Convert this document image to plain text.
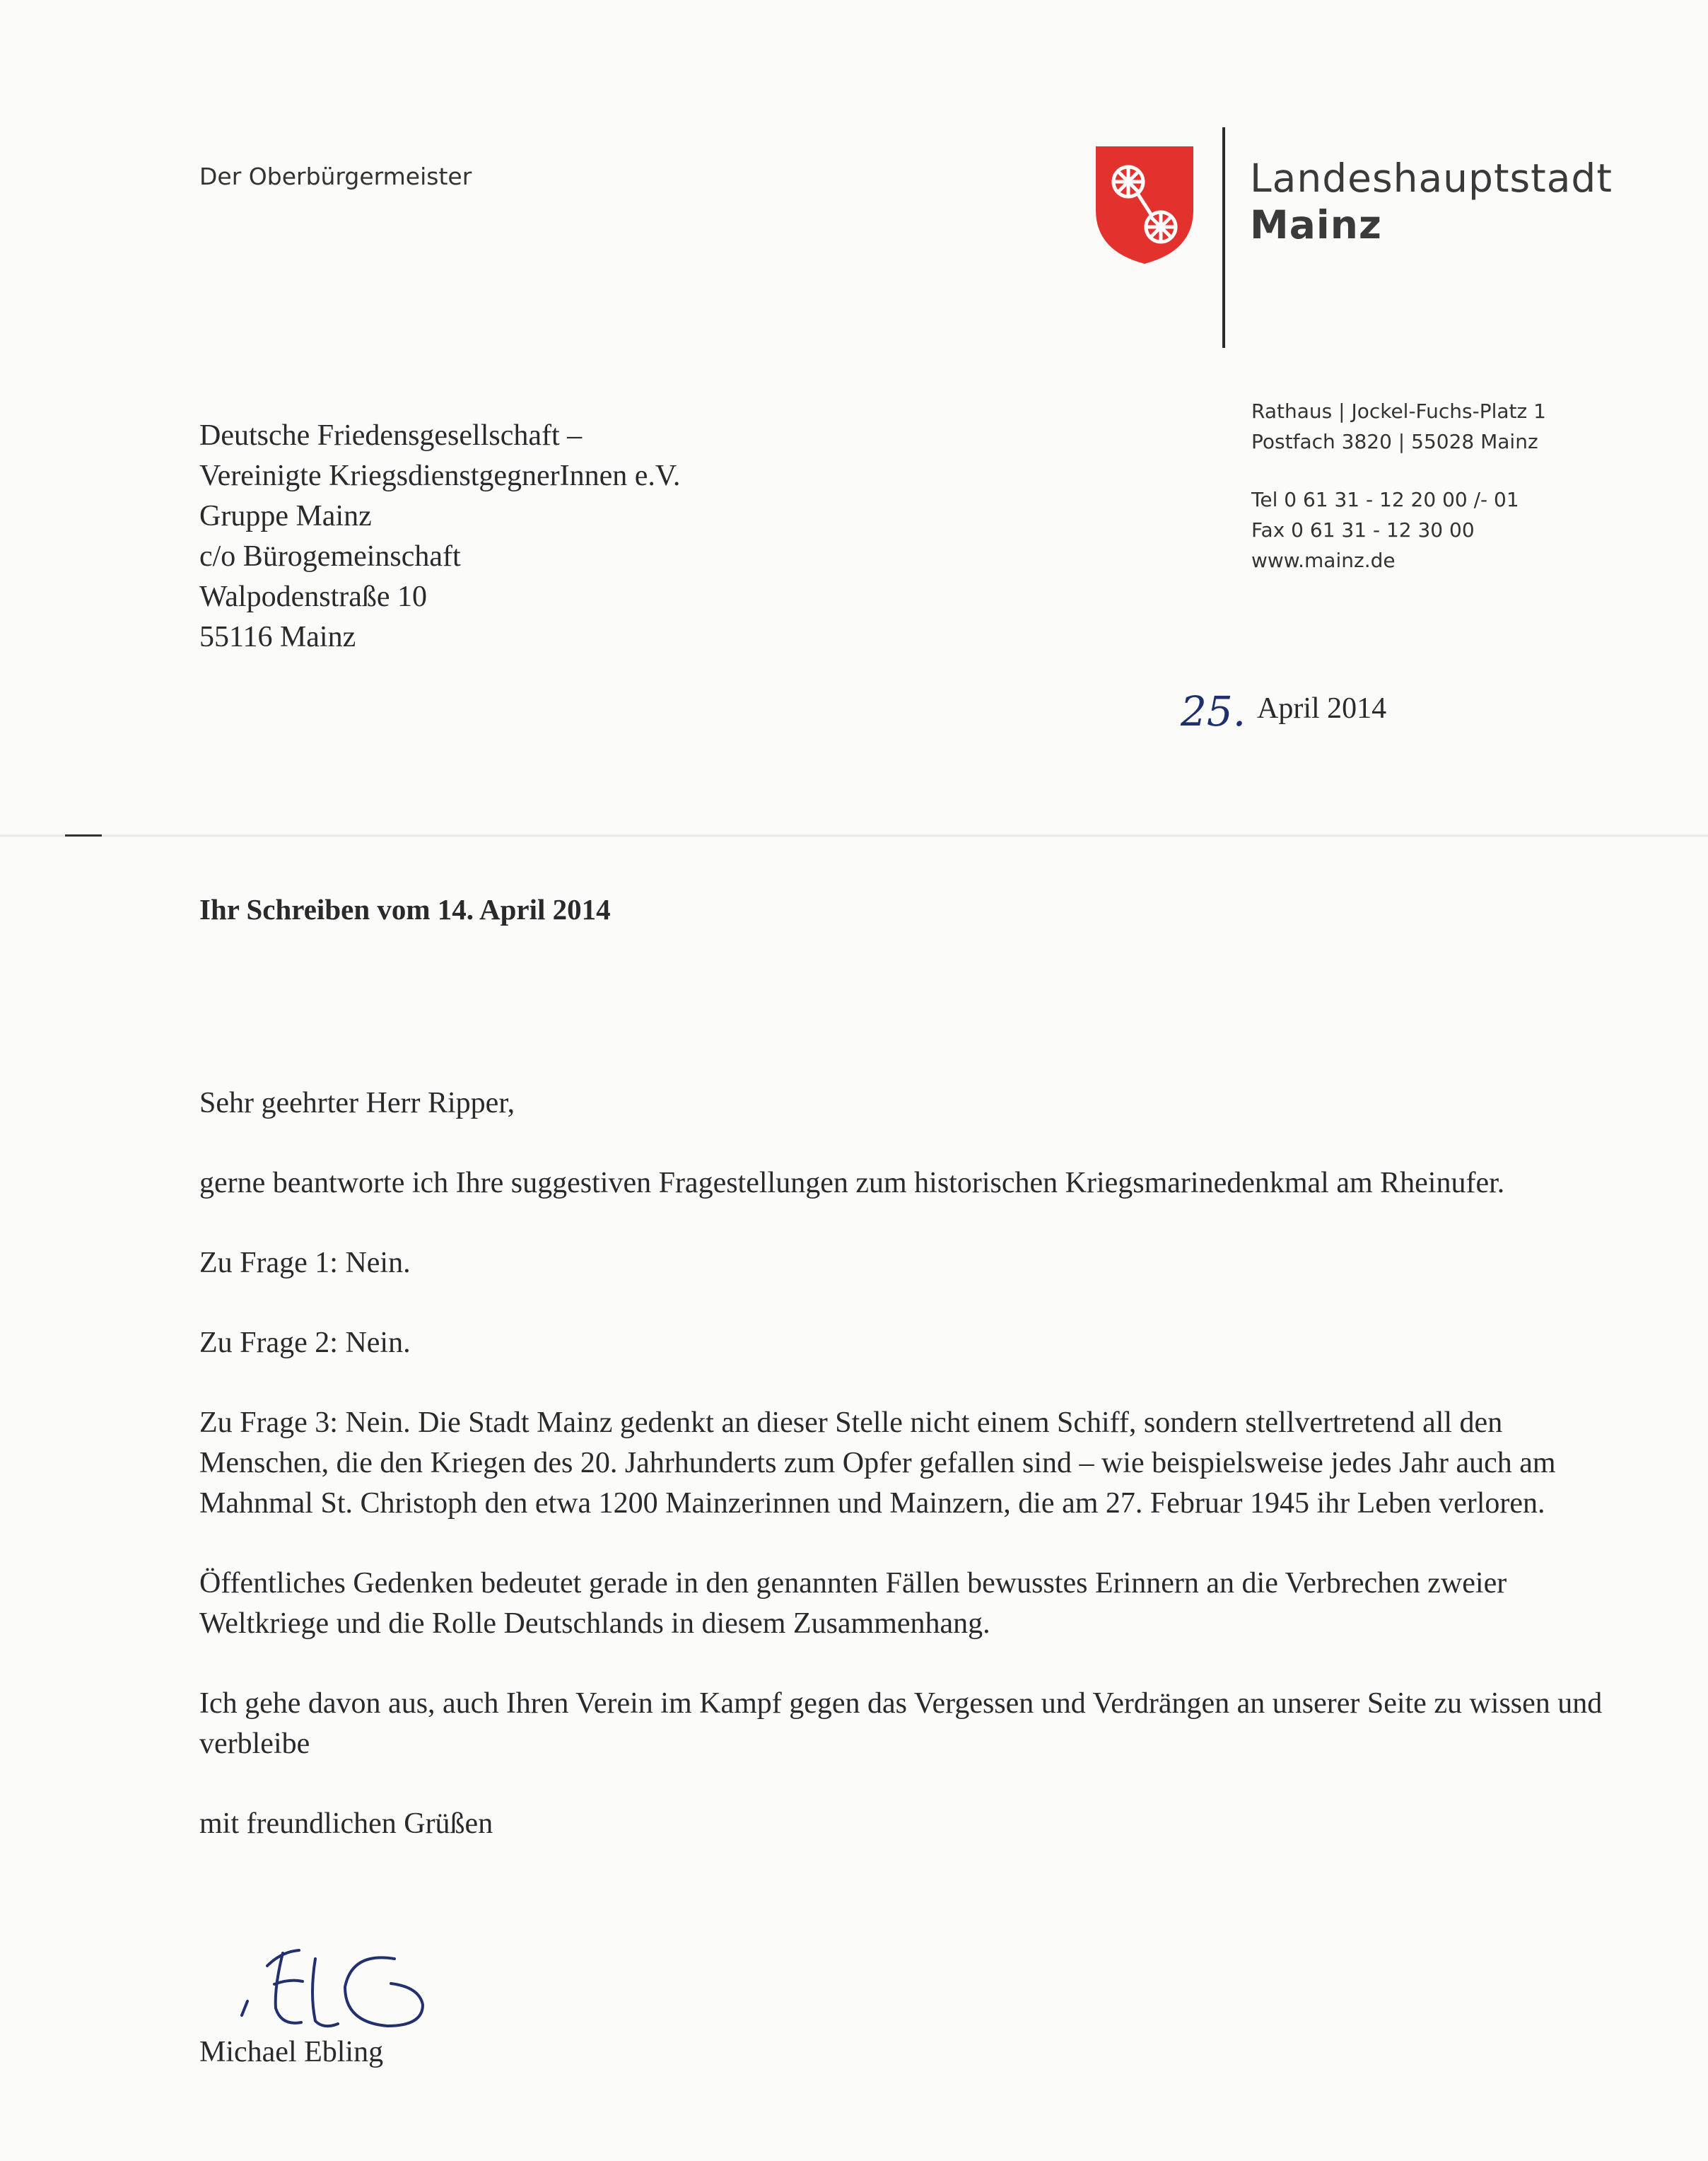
Der Oberbürgermeister	Landeshauptstadt
Mainz
Rathaus | Jockel-Fuchs-Platz 1
Postfach 3820 | 55028 Mainz
Tel 0 61 31 - 12 20 00 /- 01
Fax 0 61 31 - 12 30 00
www.mainz.de
Deutsche Friedensgesellschaft –
Vereinigte KriegsdienstgegnerInnen e.V.
Gruppe Mainz
c/o Bürogemeinschaft
Walpodenstraße 10
55116 Mainz
25. April 2014
Ihr Schreiben vom 14. April 2014

Sehr geehrter Herr Ripper,

gerne beantworte ich Ihre suggestiven Fragestellungen zum historischen Kriegsmarinedenkmal am Rheinufer.

Zu Frage 1: Nein.

Zu Frage 2: Nein.

Zu Frage 3: Nein. Die Stadt Mainz gedenkt an dieser Stelle nicht einem Schiff, sondern stellvertretend all den Menschen, die den Kriegen des 20. Jahrhunderts zum Opfer gefallen sind – wie beispielsweise jedes Jahr auch am Mahnmal St. Christoph den etwa 1200 Mainzerinnen und Mainzern, die am 27. Februar 1945 ihr Leben verloren.

Öffentliches Gedenken bedeutet gerade in den genannten Fällen bewusstes Erinnern an die Verbrechen zweier Weltkriege und die Rolle Deutschlands in diesem Zusammenhang.

Ich gehe davon aus, auch Ihren Verein im Kampf gegen das Vergessen und Verdrängen an unserer Seite zu wissen und verbleibe

mit freundlichen Grüßen

Michael Ebling
